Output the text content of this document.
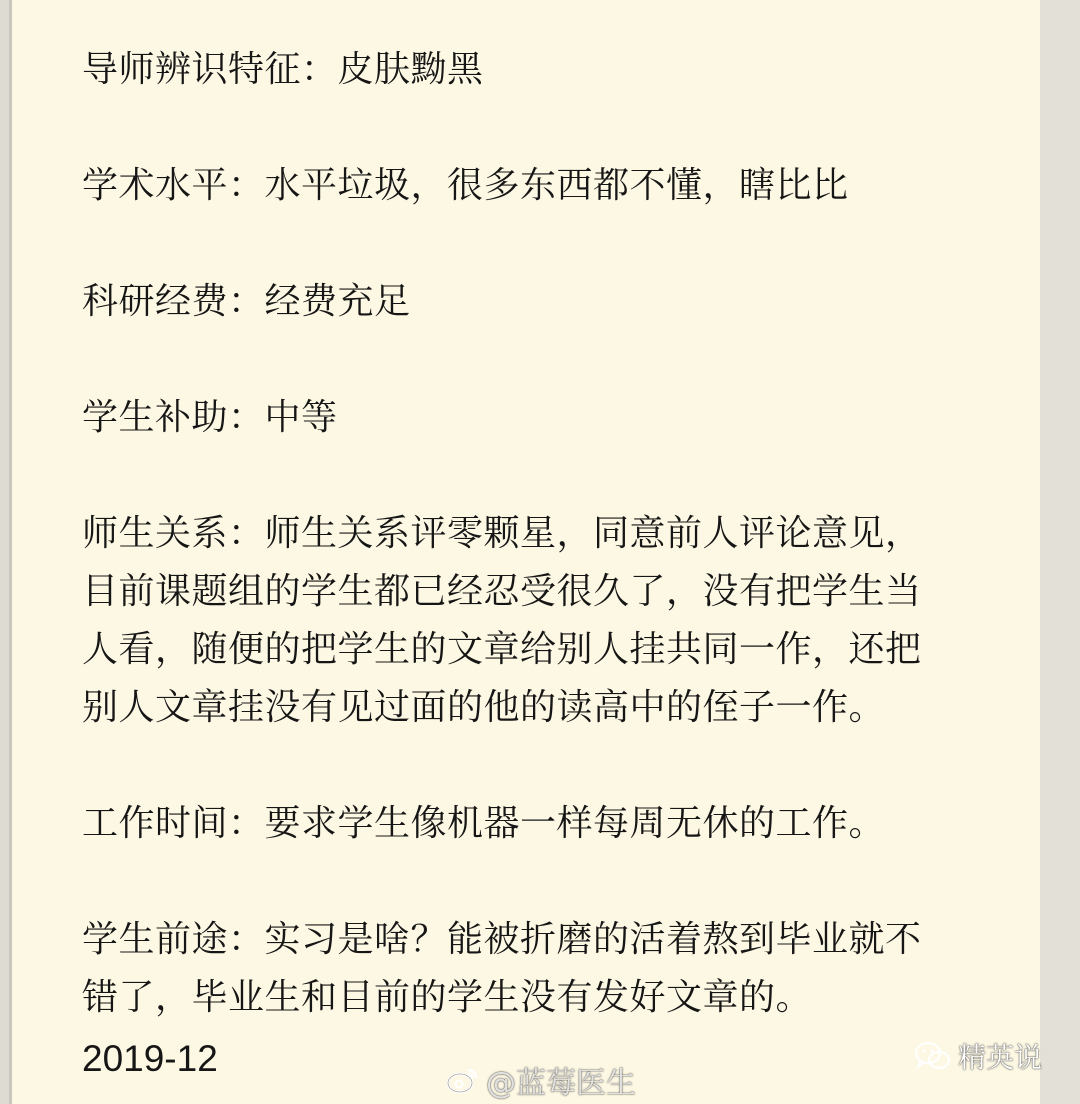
导师辨识特征：皮肤黝黑

学术水平：水平垃圾，很多东西都不懂，瞎比比

科研经费：经费充足

学生补助：中等

师生关系：师生关系评零颗星，同意前人评论意见，

目前课题组的学生都已经忍受很久了，没有把学生当

人看，随便的把学生的文章给别人挂共同一作，还把

别人文章挂没有见过面的他的读高中的侄子一作。

工作时间：要求学生像机器一样每周无休的工作。

学生前途：实习是啥？能被折磨的活着熬到毕业就不

错了，毕业生和目前的学生没有发好文章的。

2019-12
@蓝莓医生
精英说
